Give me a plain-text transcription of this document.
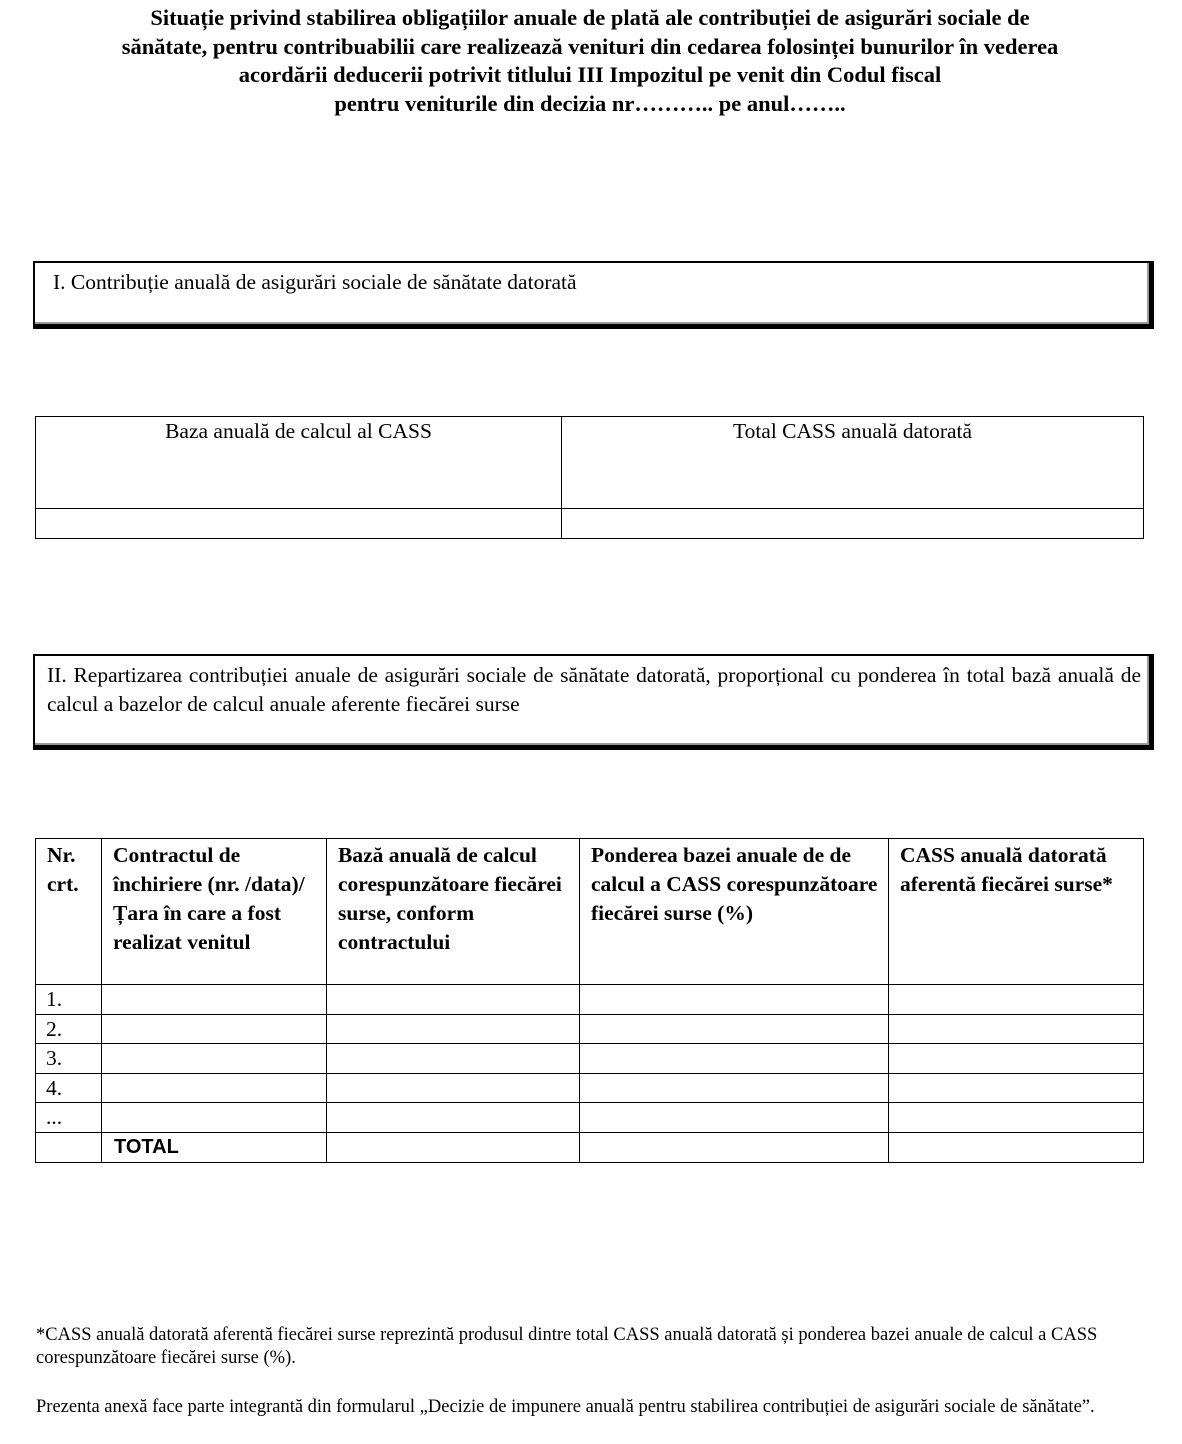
Situație privind stabilirea obligațiilor anuale de plată ale contribuției de asigurări sociale de
sănătate, pentru contribuabilii care realizează venituri din cedarea folosinței bunurilor în vederea
acordării deducerii potrivit titlului III Impozitul pe venit din Codul fiscal
pentru veniturile din decizia nr……….. pe anul……..
I. Contribuție anuală de asigurări sociale de sănătate datorată
Baza anuală de calcul al CASS	Total CASS anuală datorată

II. Repartizarea contribuției anuale de asigurări sociale de sănătate datorată, proporțional cu ponderea în total bază anuală de calcul a bazelor de calcul anuale aferente fiecărei surse
Nr. crt.	Contractul de închiriere (nr. /data)/Țara în care a fost realizat venitul	Bază anuală de calcul corespunzătoare fiecărei surse, conform contractului	Ponderea bazei anuale de de calcul a CASS corespunzătoare fiecărei surse (%)	CASS anuală datorată aferentă fiecărei surse*
1.				
2.				
3.				
4.				
...				
	TOTAL			
*CASS anuală datorată aferentă fiecărei surse reprezintă produsul dintre total CASS anuală datorată și ponderea bazei anuale de calcul a CASS corespunzătoare fiecărei surse (%).
Prezenta anexă face parte integrantă din formularul „Decizie de impunere anuală pentru stabilirea contribuției de asigurări sociale de sănătate”.
